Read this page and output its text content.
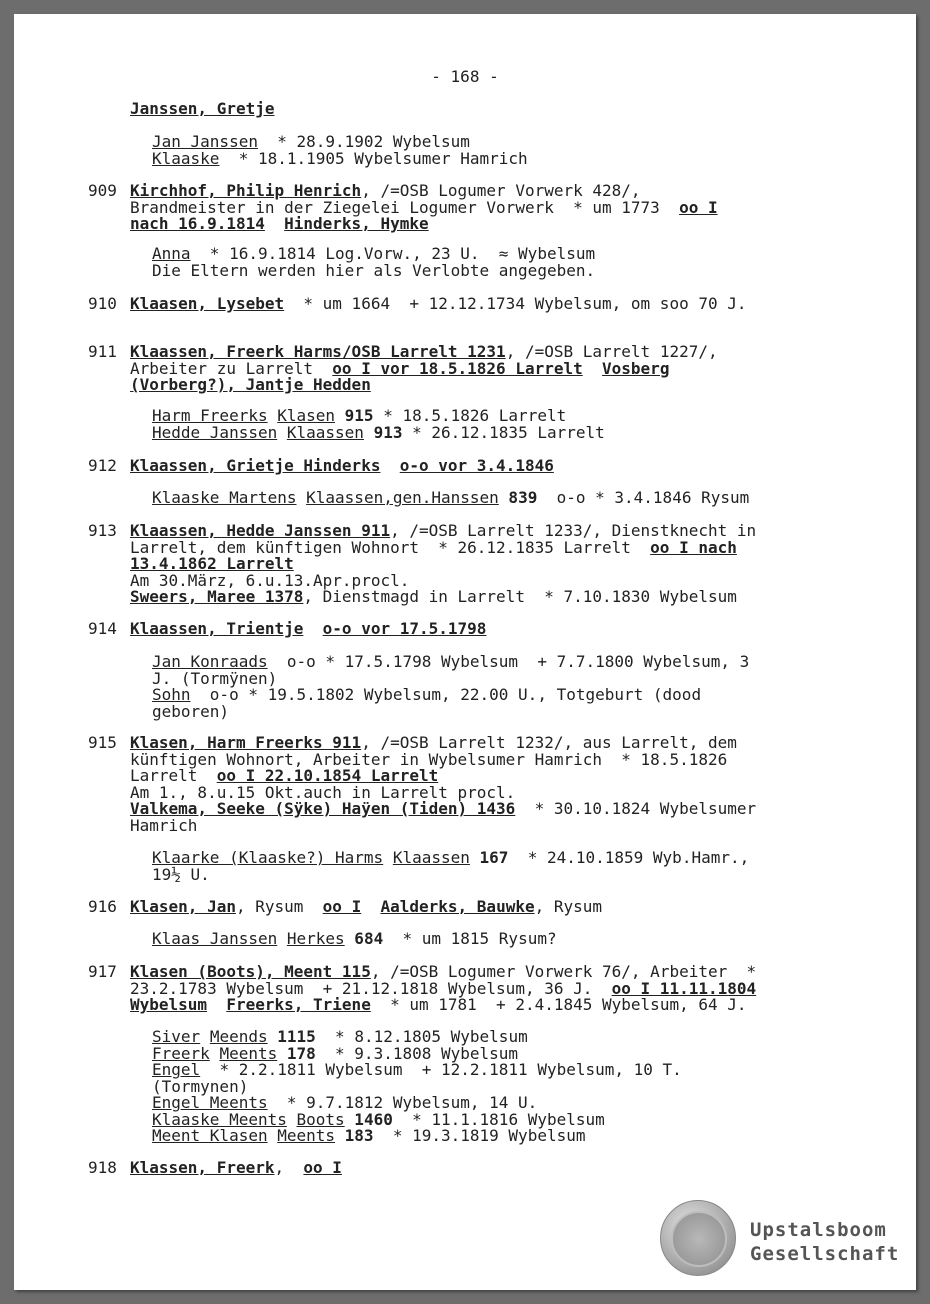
- 168 -
Janssen, Gretje
Jan Janssen  * 28.9.1902 Wybelsum
Klaaske  * 18.1.1905 Wybelsumer Hamrich
909 Kirchhof, Philip Henrich, /=OSB Logumer Vorwerk 428/,
Brandmeister in der Ziegelei Logumer Vorwerk  * um 1773  oo I
nach 16.9.1814 Hinderks, Hymke
Anna  * 16.9.1814 Log.Vorw., 23 U.  ≈ Wybelsum
Die Eltern werden hier als Verlobte angegeben.
910 Klaasen, Lysebet  * um 1664  + 12.12.1734 Wybelsum, om soo 70 J.
911 Klaassen, Freerk Harms/OSB Larrelt 1231, /=OSB Larrelt 1227/,
Arbeiter zu Larrelt  oo I vor 18.5.1826 Larrelt Vosberg
(Vorberg?), Jantje Hedden
Harm Freerks Klasen 915 * 18.5.1826 Larrelt
Hedde Janssen Klaassen 913 * 26.12.1835 Larrelt
912 Klaassen, Grietje Hinderks o-o vor 3.4.1846
Klaaske Martens Klaassen,gen.Hanssen 839  o-o * 3.4.1846 Rysum
913 Klaassen, Hedde Janssen 911, /=OSB Larrelt 1233/, Dienstknecht in
Larrelt, dem künftigen Wohnort  * 26.12.1835 Larrelt  oo I nach
13.4.1862 Larrelt
Am 30.März, 6.u.13.Apr.procl.
Sweers, Maree 1378, Dienstmagd in Larrelt  * 7.10.1830 Wybelsum
914 Klaassen, Trientje o-o vor 17.5.1798
Jan Konraads  o-o * 17.5.1798 Wybelsum  + 7.7.1800 Wybelsum, 3
J. (Tormÿnen)
Sohn  o-o * 19.5.1802 Wybelsum, 22.00 U., Totgeburt (dood
geboren)
915 Klasen, Harm Freerks 911, /=OSB Larrelt 1232/, aus Larrelt, dem
künftigen Wohnort, Arbeiter in Wybelsumer Hamrich  * 18.5.1826
Larrelt  oo I 22.10.1854 Larrelt
Am 1., 8.u.15 Okt.auch in Larrelt procl.
Valkema, Seeke (Sÿke) Haÿen (Tiden) 1436  * 30.10.1824 Wybelsumer
Hamrich
Klaarke (Klaaske?) Harms Klaassen 167  * 24.10.1859 Wyb.Hamr.,
19½ U.
916 Klasen, Jan, Rysum  oo I Aalderks, Bauwke, Rysum
Klaas Janssen Herkes 684  * um 1815 Rysum?
917 Klasen (Boots), Meent 115, /=OSB Logumer Vorwerk 76/, Arbeiter  *
23.2.1783 Wybelsum  + 21.12.1818 Wybelsum, 36 J.  oo I 11.11.1804
Wybelsum Freerks, Triene  * um 1781  + 2.4.1845 Wybelsum, 64 J.
Siver Meends 1115  * 8.12.1805 Wybelsum
Freerk Meents 178  * 9.3.1808 Wybelsum
Engel  * 2.2.1811 Wybelsum  + 12.2.1811 Wybelsum, 10 T.
(Tormynen)
Engel Meents  * 9.7.1812 Wybelsum, 14 U.
Klaaske Meents Boots 1460  * 11.1.1816 Wybelsum
Meent Klasen Meents 183  * 19.3.1819 Wybelsum
918 Klassen, Freerk,  oo I
Upstalsboom
Gesellschaft
